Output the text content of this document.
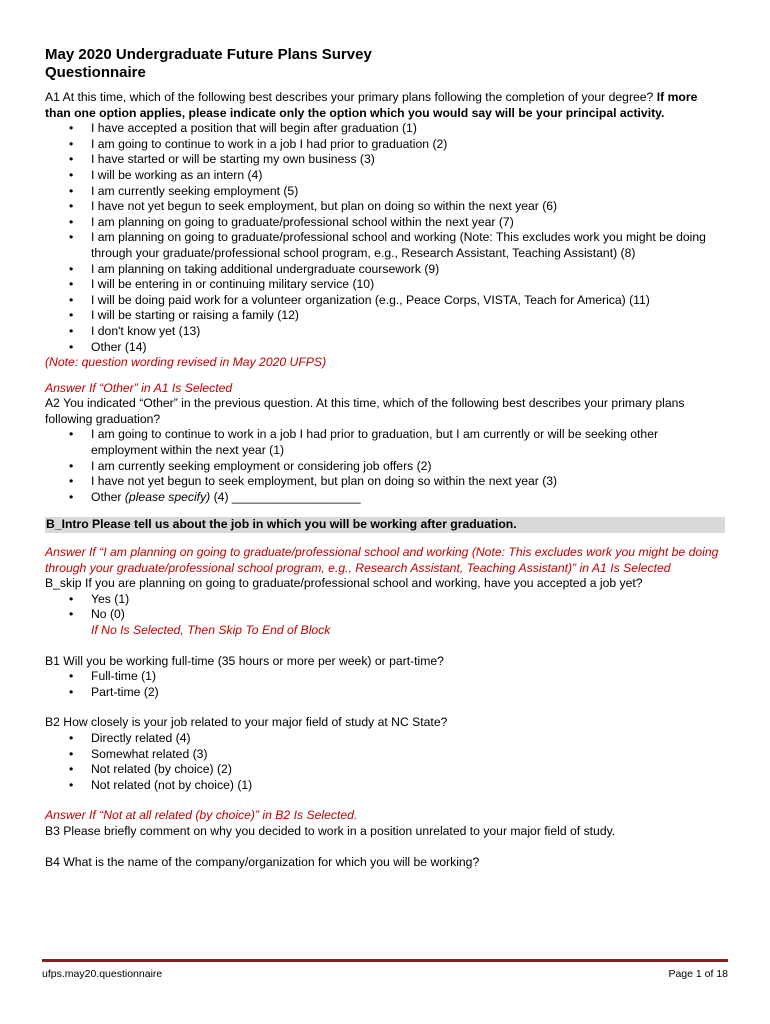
May 2020 Undergraduate Future Plans Survey
Questionnaire

A1 At this time, which of the following best describes your primary plans following the completion of your degree? If more than one option applies, please indicate only the option which you would say will be your principal activity.

• I have accepted a position that will begin after graduation (1)
• I am going to continue to work in a job I had prior to graduation (2)
• I have started or will be starting my own business (3)
• I will be working as an intern (4)
• I am currently seeking employment (5)
• I have not yet begun to seek employment, but plan on doing so within the next year (6)
• I am planning on going to graduate/professional school within the next year (7)
• I am planning on going to graduate/professional school and working (Note: This excludes work you might be doing through your graduate/professional school program, e.g., Research Assistant, Teaching Assistant) (8)
• I am planning on taking additional undergraduate coursework (9)
• I will be entering in or continuing military service (10)
• I will be doing paid work for a volunteer organization (e.g., Peace Corps, VISTA, Teach for America) (11)
• I will be starting or raising a family (12)
• I don't know yet (13)
• Other (14)

(Note: question wording revised in May 2020 UFPS)

Answer If “Other” in A1 Is Selected

A2 You indicated “Other” in the previous question. At this time, which of the following best describes your primary plans following graduation?

• I am going to continue to work in a job I had prior to graduation, but I am currently or will be seeking other employment within the next year (1)
• I am currently seeking employment or considering job offers (2)
• I have not yet begun to seek employment, but plan on doing so within the next year (3)
• Other (please specify) (4) ___________________
B_Intro Please tell us about the job in which you will be working after graduation.

Answer If “I am planning on going to graduate/professional school and working (Note: This excludes work you might be doing through your graduate/professional school program, e.g., Research Assistant, Teaching Assistant)” in A1 Is Selected

B_skip If you are planning on going to graduate/professional school and working, have you accepted a job yet?

• Yes (1)
• No (0)

If No Is Selected, Then Skip To End of Block

B1 Will you be working full-time (35 hours or more per week) or part-time?

• Full-time (1)
• Part-time (2)

B2 How closely is your job related to your major field of study at NC State?

• Directly related (4)
• Somewhat related (3)
• Not related (by choice) (2)
• Not related (not by choice) (1)

Answer If “Not at all related (by choice)” in B2 Is Selected.

B3 Please briefly comment on why you decided to work in a position unrelated to your major field of study.

B4 What is the name of the company/organization for which you will be working?

ufps.may20.questionnaire	Page 1 of 18
